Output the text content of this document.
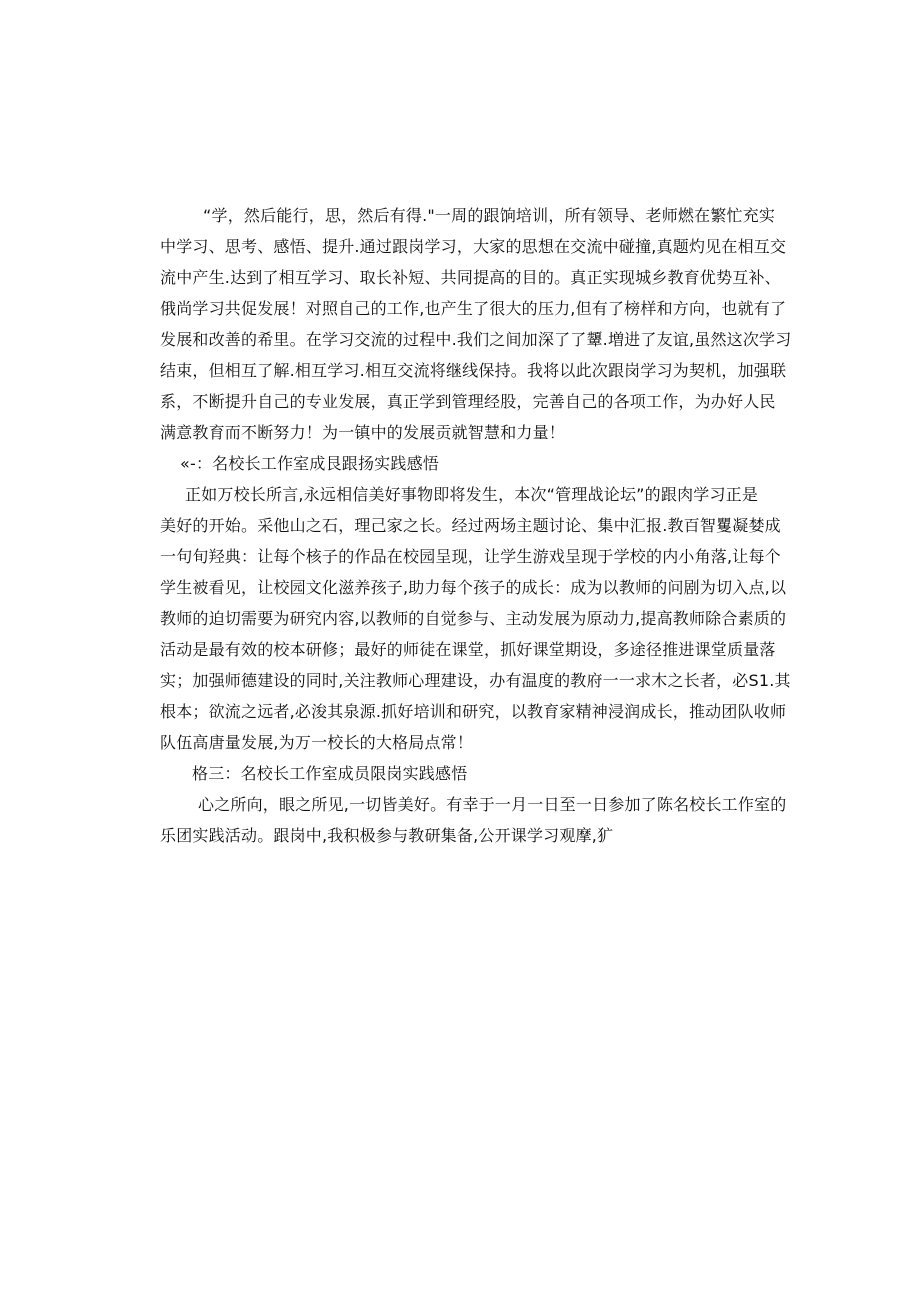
“学，然后能行，思，然后有得."一周的跟饷培训，所有领导、老师燃在繁忙充实
中学习、思考、感悟、提升.通过跟岗学习，大家的思想在交流中碰撞,真题灼见在相互交
流中产生.达到了相互学习、取长补短、共同提高的目的。真正实现城乡教育优势互补、
俄尚学习共促发展！对照自己的工作,也产生了很大的压力,但有了榜样和方向，也就有了
发展和改善的希里。在学习交流的过程中.我们之间加深了了顰.増进了友谊,虽然这次学习
结束，但相互了解.相互学习.相互交流将继线保持。我将以此次跟岗学习为契机，加强联
系，不断提升自己的专业发展，真正学到管理经股，完善自己的各项工作，为办好人民
满意教育而不断努力！为一镇中的发展贡就智慧和力量！
«-：名校长工作室成艮跟扬实践感悟
正如万校长所言,永远相信美好事物即将发生，本次“管理战论坛”的跟肉学习正是
美好的开始。采他山之石，理己家之长。经过两场主题讨论、集中汇报.教百智矍凝婪成
一句旬羟典：让每个核子的作品在校园呈现，让学生游戏呈现于学校的内小角落,让每个
学生被看见，让校园文化滋养孩子,助力每个孩子的成长：成为以教师的问剧为切入点,以
教师的迫切需要为研究内容,以教师的自觉参与、主动发展为原动力,提高教师除合素质的
活动是最有效的校本研修；最好的师徒在课堂，抓好课堂期设，多途径推进课堂质量落
实；加强师德建设的同时,关注教师心理建设，办有温度的教府一一求木之长者，必S1.其
根本；欲流之远者,必浚其泉源.抓好培训和研究，以教育家精神浸润成长，推动团队收师
队伍高唐量发展,为万一校长的大格局点常！
格三：名校长工作室成员限岗实践感悟
心之所向，眼之所见,一切皆美好。有幸于一月一日至一日参加了陈名校长工作室的
乐团实践活动。跟岗中,我积极参与教研集备,公开课学习观摩,犷
